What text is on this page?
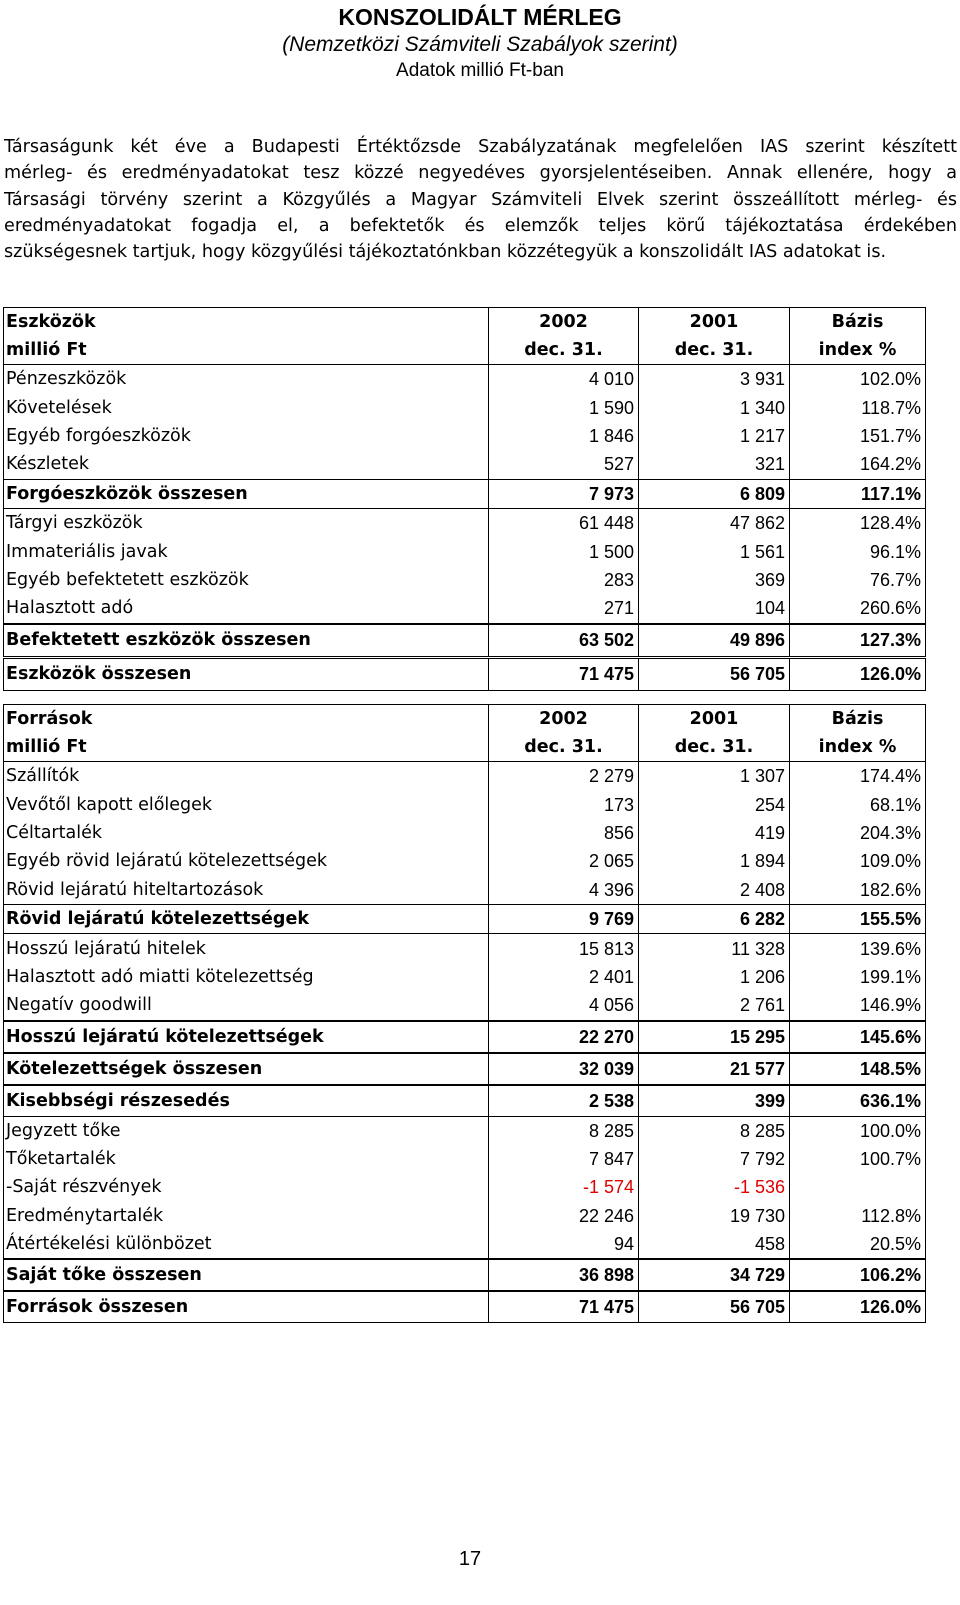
KONSZOLIDÁLT MÉRLEG
(Nemzetközi Számviteli Szabályok szerint)
Adatok millió Ft-ban
Társaságunk két éve a Budapesti Értéktőzsde Szabályzatának megfelelően IAS szerint készített
mérleg- és eredményadatokat tesz közzé negyedéves gyorsjelentéseiben. Annak ellenére, hogy a
Társasági törvény szerint a Közgyűlés a Magyar Számviteli Elvek szerint összeállított mérleg- és
eredményadatokat fogadja el, a befektetők és elemzők teljes körű tájékoztatása érdekében
szükségesnek tartjuk, hogy közgyűlési tájékoztatónkban közzétegyük a konszolidált IAS adatokat is.
Eszközök	2002	2001	Bázis
millió Ft	dec. 31.	dec. 31.	index %
Pénzeszközök	4 010	3 931	102.0%
Követelések	1 590	1 340	118.7%
Egyéb forgóeszközök	1 846	1 217	151.7%
Készletek	527	321	164.2%
Forgóeszközök összesen	7 973	6 809	117.1%
Tárgyi eszközök	61 448	47 862	128.4%
Immateriális javak	1 500	1 561	96.1%
Egyéb befektetett eszközök	283	369	76.7%
Halasztott adó	271	104	260.6%
Befektetett eszközök összesen	63 502	49 896	127.3%
Eszközök összesen	71 475	56 705	126.0%
Források	2002	2001	Bázis
millió Ft	dec. 31.	dec. 31.	index %
Szállítók	2 279	1 307	174.4%
Vevőtől kapott előlegek	173	254	68.1%
Céltartalék	856	419	204.3%
Egyéb rövid lejáratú kötelezettségek	2 065	1 894	109.0%
Rövid lejáratú hiteltartozások	4 396	2 408	182.6%
Rövid lejáratú kötelezettségek	9 769	6 282	155.5%
Hosszú lejáratú hitelek	15 813	11 328	139.6%
Halasztott adó miatti kötelezettség	2 401	1 206	199.1%
Negatív goodwill	4 056	2 761	146.9%
Hosszú lejáratú kötelezettségek	22 270	15 295	145.6%
Kötelezettségek összesen	32 039	21 577	148.5%
Kisebbségi részesedés	2 538	399	636.1%
Jegyzett tőke	8 285	8 285	100.0%
Tőketartalék	7 847	7 792	100.7%
-Saját részvények	-1 574	-1 536	
Eredménytartalék	22 246	19 730	112.8%
Átértékelési különbözet	94	458	20.5%
Saját tőke összesen	36 898	34 729	106.2%
Források összesen	71 475	56 705	126.0%
17
